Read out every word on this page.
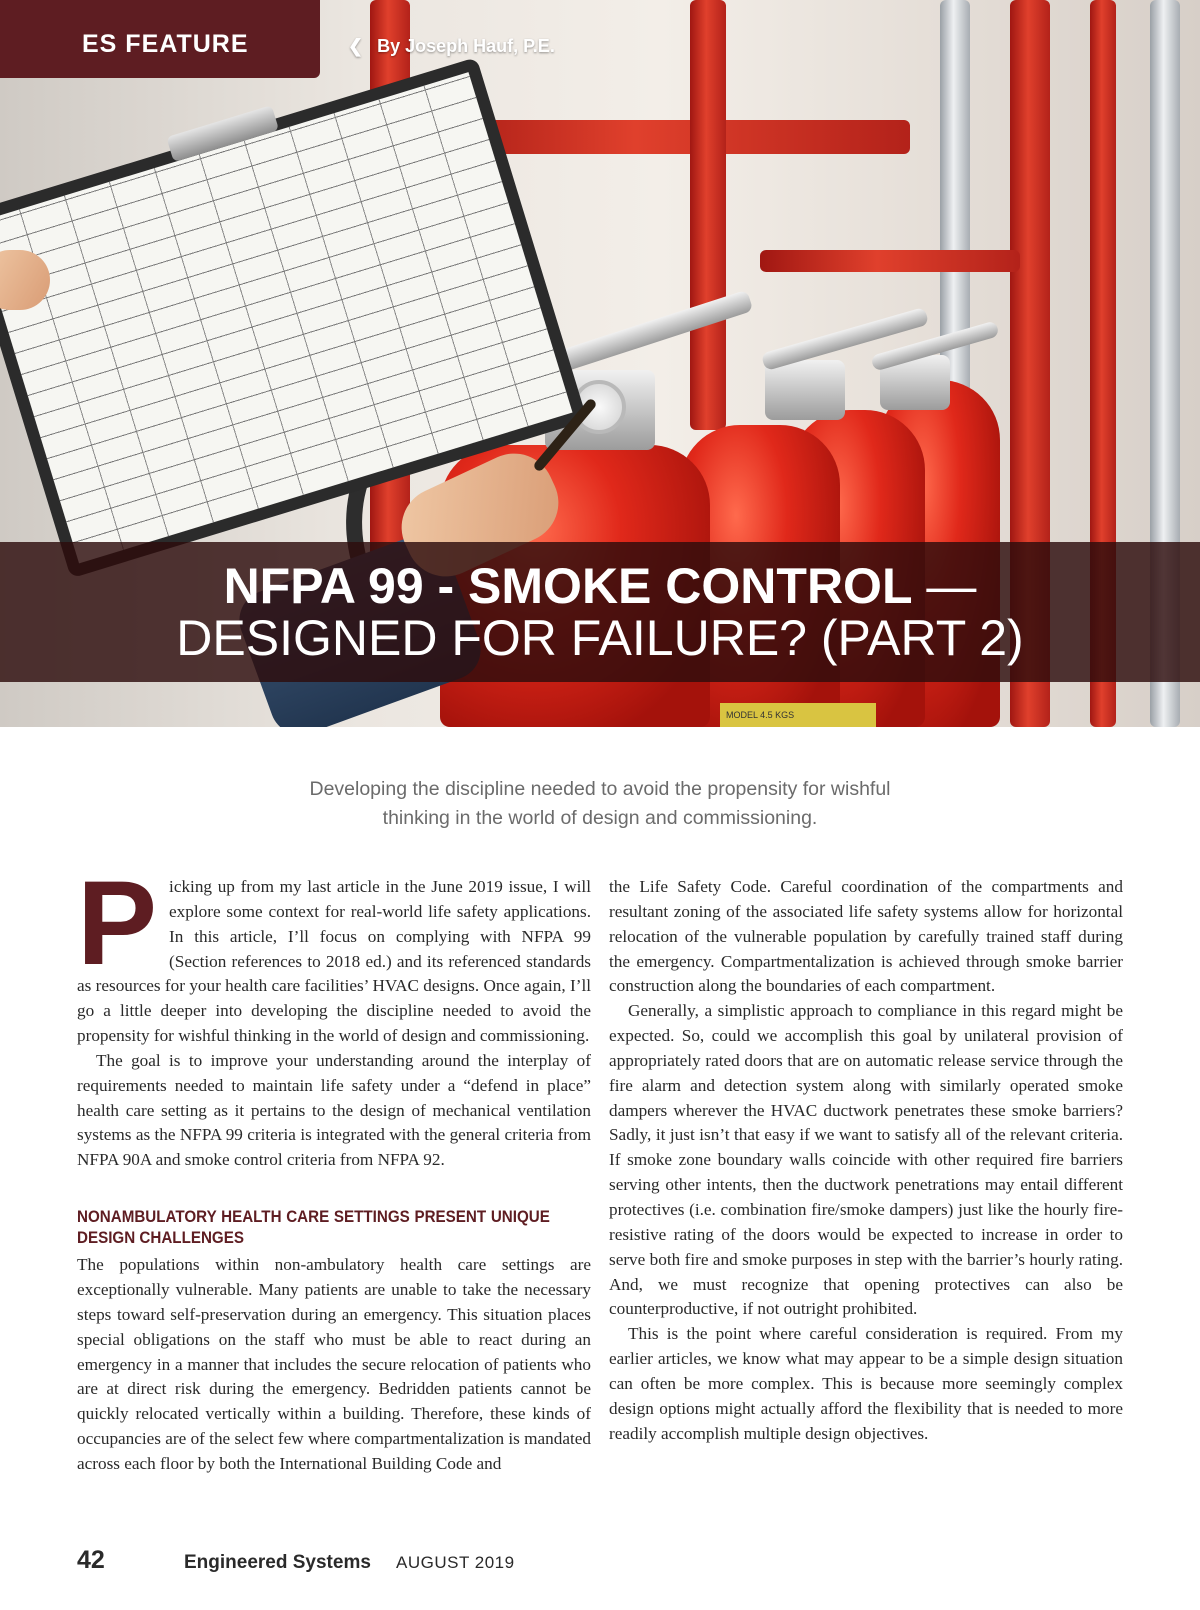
MODEL 4.5 KGS
ES FEATURE	❮ By Joseph Hauf, P.E.
NFPA 99 - SMOKE CONTROL —
DESIGNED FOR FAILURE? (PART 2)
Developing the discipline needed to avoid the propensity for wishful
thinking in the world of design and commissioning.

Picking up from my last article in the June 2019 issue, I will explore some context for real-world life safety applications. In this article, I’ll focus on complying with NFPA 99 (Section references to 2018 ed.) and its referenced standards as resources for your health care facilities’ HVAC designs. Once again, I’ll go a little deeper into developing the discipline needed to avoid the propensity for wishful thinking in the world of design and commissioning.

The goal is to improve your understanding around the interplay of requirements needed to maintain life safety under a “defend in place” health care setting as it pertains to the design of mechanical ventilation systems as the NFPA 99 criteria is integrated with the general criteria from NFPA 90A and smoke control criteria from NFPA 92.

NONAMBULATORY HEALTH CARE SETTINGS PRESENT UNIQUE DESIGN CHALLENGES

The populations within non-ambulatory health care settings are exceptionally vulnerable. Many patients are unable to take the necessary steps toward self-preservation during an emergency. This situation places special obligations on the staff who must be able to react during an emergency in a manner that includes the secure relocation of patients who are at direct risk during the emergency. Bedridden patients cannot be quickly relocated vertically within a building. Therefore, these kinds of occupancies are of the select few where compartmentalization is mandated across each floor by both the International Building Code and

the Life Safety Code. Careful coordination of the compartments and resultant zoning of the associated life safety systems allow for horizontal relocation of the vulnerable population by carefully trained staff during the emergency. Compartmentalization is achieved through smoke barrier construction along the boundaries of each compartment.

Generally, a simplistic approach to compliance in this regard might be expected. So, could we accomplish this goal by unilateral provision of appropriately rated doors that are on automatic release service through the fire alarm and detection system along with similarly operated smoke dampers wherever the HVAC ductwork penetrates these smoke barriers? Sadly, it just isn’t that easy if we want to satisfy all of the relevant criteria. If smoke zone boundary walls coincide with other required fire barriers serving other intents, then the ductwork penetrations may entail different protectives (i.e. combination fire/smoke dampers) just like the hourly fire-resistive rating of the doors would be expected to increase in order to serve both fire and smoke purposes in step with the barrier’s hourly rating. And, we must recognize that opening protectives can also be counterproductive, if not outright prohibited.

This is the point where careful consideration is required. From my earlier articles, we know what may appear to be a simple design situation can often be more complex. This is because more seemingly complex design options might actually afford the flexibility that is needed to more readily accomplish multiple design objectives.

42	Engineered Systems AUGUST 2019
